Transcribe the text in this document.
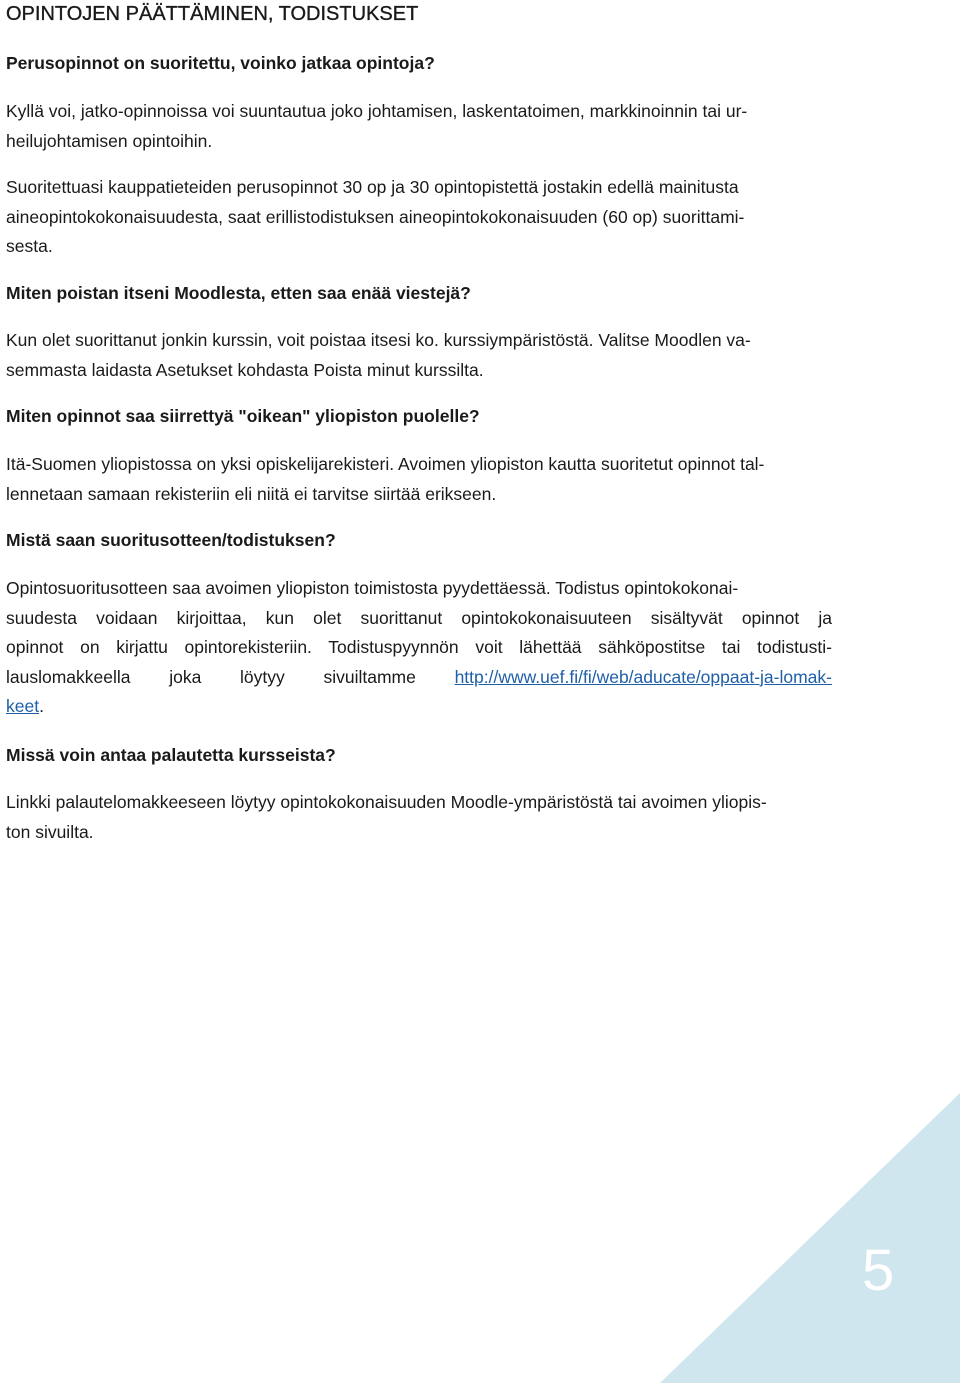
OPINTOJEN PÄÄTTÄMINEN, TODISTUKSET

Perusopinnot on suoritettu, voinko jatkaa opintoja?

Kyllä voi, jatko-opinnoissa voi suuntautua joko johtamisen, laskentatoimen, markkinoinnin tai ur-
heilujohtamisen opintoihin.

Suoritettuasi kauppatieteiden perusopinnot 30 op ja 30 opintopistettä jostakin edellä mainitusta
aineopintokokonaisuudesta, saat erillistodistuksen aineopintokokonaisuuden (60 op) suorittami-
sesta.

Miten poistan itseni Moodlesta, etten saa enää viestejä?

Kun olet suorittanut jonkin kurssin, voit poistaa itsesi ko. kurssiympäristöstä. Valitse Moodlen va-
semmasta laidasta Asetukset kohdasta Poista minut kurssilta.

Miten opinnot saa siirrettyä "oikean" yliopiston puolelle?

Itä-Suomen yliopistossa on yksi opiskelijarekisteri. Avoimen yliopiston kautta suoritetut opinnot tal-
lennetaan samaan rekisteriin eli niitä ei tarvitse siirtää erikseen.

Mistä saan suoritusotteen/todistuksen?

Opintosuoritusotteen saa avoimen yliopiston toimistosta pyydettäessä. Todistus opintokokonai-
suudesta voidaan kirjoittaa, kun olet suorittanut opintokokonaisuuteen sisältyvät opinnot ja
opinnot on kirjattu opintorekisteriin. Todistuspyynnön voit lähettää sähköpostitse tai todistusti-
lauslomakkeella joka löytyy sivuiltamme http://www.uef.fi/fi/web/aducate/oppaat-ja-lomak-
keet.

Missä voin antaa palautetta kursseista?

Linkki palautelomakkeeseen löytyy opintokokonaisuuden Moodle-ympäristöstä tai avoimen yliopis-
ton sivuilta.

5
